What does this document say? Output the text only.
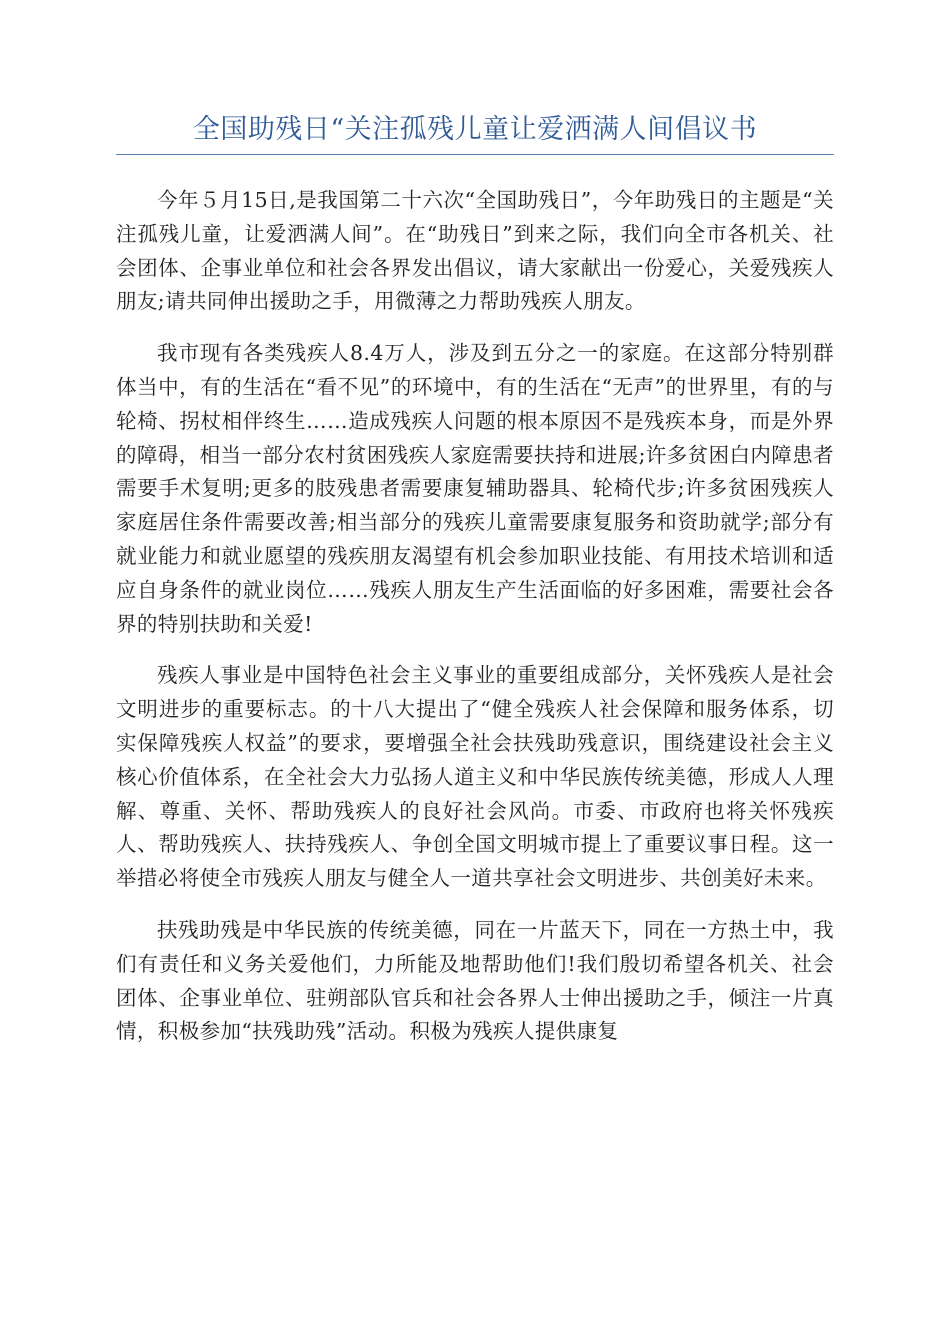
全国助残日“关注孤残儿童让爱洒满人间倡议书

今年５月15日,是我国第二十六次“全国助残日”，今年助残日的主题是“关注孤残儿童，让爱洒满人间”。在“助残日”到来之际，我们向全市各机关、社会团体、企事业单位和社会各界发出倡议，请大家献出一份爱心，关爱残疾人朋友;请共同伸出援助之手，用微薄之力帮助残疾人朋友。

我市现有各类残疾人8.4万人，涉及到五分之一的家庭。在这部分特别群体当中，有的生活在“看不见”的环境中，有的生活在“无声”的世界里，有的与轮椅、拐杖相伴终生……造成残疾人问题的根本原因不是残疾本身，而是外界的障碍，相当一部分农村贫困残疾人家庭需要扶持和进展;许多贫困白内障患者需要手术复明;更多的肢残患者需要康复辅助器具、轮椅代步;许多贫困残疾人家庭居住条件需要改善;相当部分的残疾儿童需要康复服务和资助就学;部分有就业能力和就业愿望的残疾朋友渴望有机会参加职业技能、有用技术培训和适应自身条件的就业岗位……残疾人朋友生产生活面临的好多困难，需要社会各界的特别扶助和关爱!

残疾人事业是中国特色社会主义事业的重要组成部分，关怀残疾人是社会文明进步的重要标志。的十八大提出了“健全残疾人社会保障和服务体系，切实保障残疾人权益”的要求，要增强全社会扶残助残意识，围绕建设社会主义核心价值体系，在全社会大力弘扬人道主义和中华民族传统美德，形成人人理解、尊重、关怀、帮助残疾人的良好社会风尚。市委、市政府也将关怀残疾人、帮助残疾人、扶持残疾人、争创全国文明城市提上了重要议事日程。这一举措必将使全市残疾人朋友与健全人一道共享社会文明进步、共创美好未来。

扶残助残是中华民族的传统美德，同在一片蓝天下，同在一方热土中，我们有责任和义务关爱他们，力所能及地帮助他们!我们殷切希望各机关、社会团体、企事业单位、驻朔部队官兵和社会各界人士伸出援助之手，倾注一片真情，积极参加“扶残助残”活动。积极为残疾人提供康复
